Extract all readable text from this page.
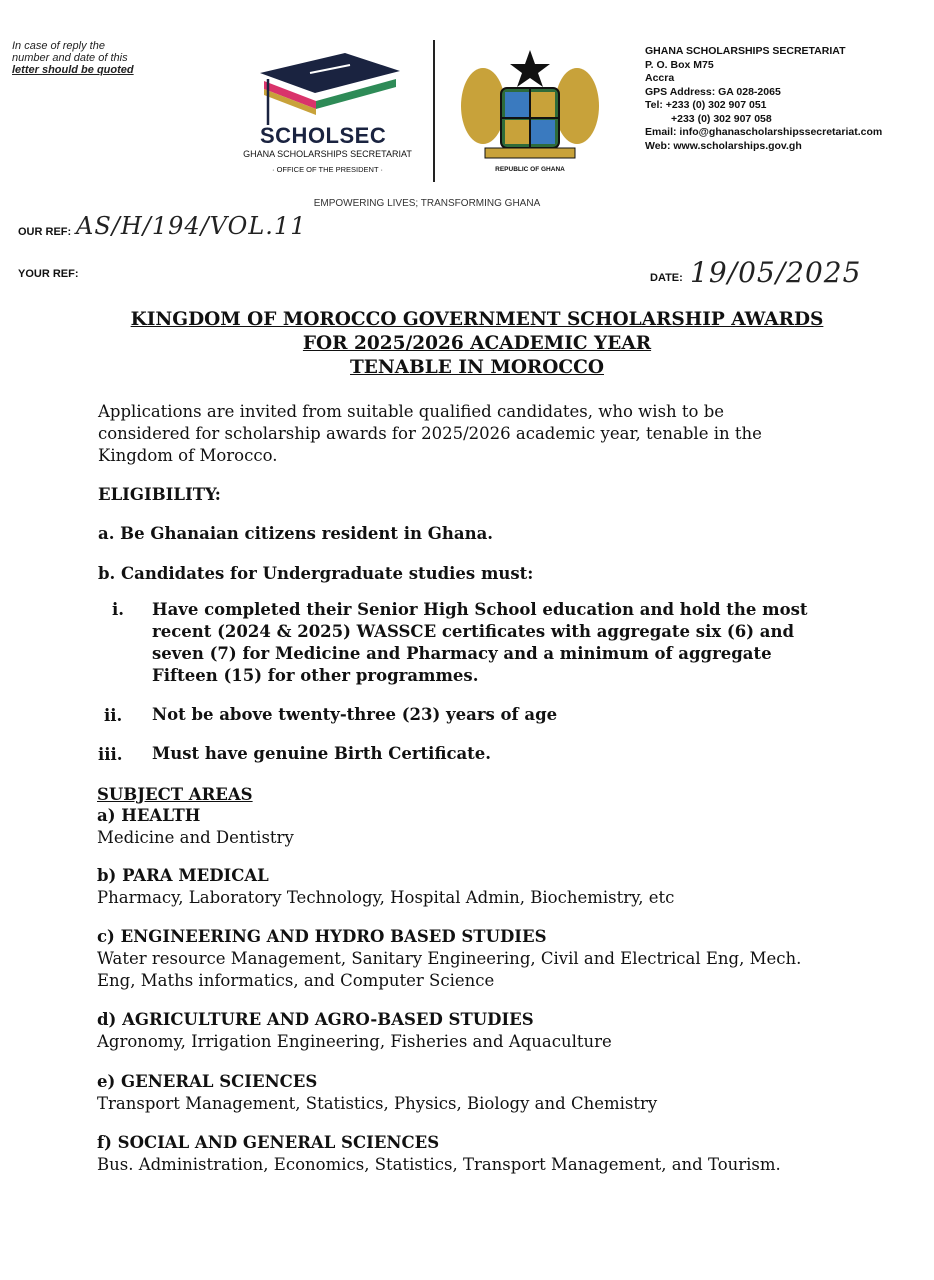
In case of reply the
number and date of this
letter should be quoted
SCHOLSEC
GHANA SCHOLARSHIPS SECRETARIAT
· OFFICE OF THE PRESIDENT ·	REPUBLIC OF GHANA
GHANA SCHOLARSHIPS SECRETARIAT
P. O. Box M75
Accra
GPS Address: GA 028-2065
Tel: +233 (0) 302 907 051
+233 (0) 302 907 058
Email: info@ghanascholarshipssecretariat.com
Web: www.scholarships.gov.gh
EMPOWERING LIVES; TRANSFORMING GHANA
OUR REF: AS/H/194/VOL.11
YOUR REF:	DATE: 19/05/2025
KINGDOM OF MOROCCO GOVERNMENT SCHOLARSHIP AWARDS
FOR 2025/2026 ACADEMIC YEAR
TENABLE IN MOROCCO
Applications are invited from suitable qualified candidates, who wish to be
considered for scholarship awards for 2025/2026 academic year, tenable in the
Kingdom of Morocco.
ELIGIBILITY:
a. Be Ghanaian citizens resident in Ghana.
b. Candidates for Undergraduate studies must:
i. Have completed their Senior High School education and hold the most
recent (2024 & 2025) WASSCE certificates with aggregate six (6) and
seven (7) for Medicine and Pharmacy and a minimum of aggregate
Fifteen (15) for other programmes.
ii. Not be above twenty-three (23) years of age
iii. Must have genuine Birth Certificate.
SUBJECT AREAS
a) HEALTH
Medicine and Dentistry
b) PARA MEDICAL
Pharmacy, Laboratory Technology, Hospital Admin, Biochemistry, etc
c) ENGINEERING AND HYDRO BASED STUDIES
Water resource Management, Sanitary Engineering, Civil and Electrical Eng, Mech.
Eng, Maths informatics, and Computer Science
d) AGRICULTURE AND AGRO-BASED STUDIES
Agronomy, Irrigation Engineering, Fisheries and Aquaculture
e) GENERAL SCIENCES
Transport Management, Statistics, Physics, Biology and Chemistry
f) SOCIAL AND GENERAL SCIENCES
Bus. Administration, Economics, Statistics, Transport Management, and Tourism.
